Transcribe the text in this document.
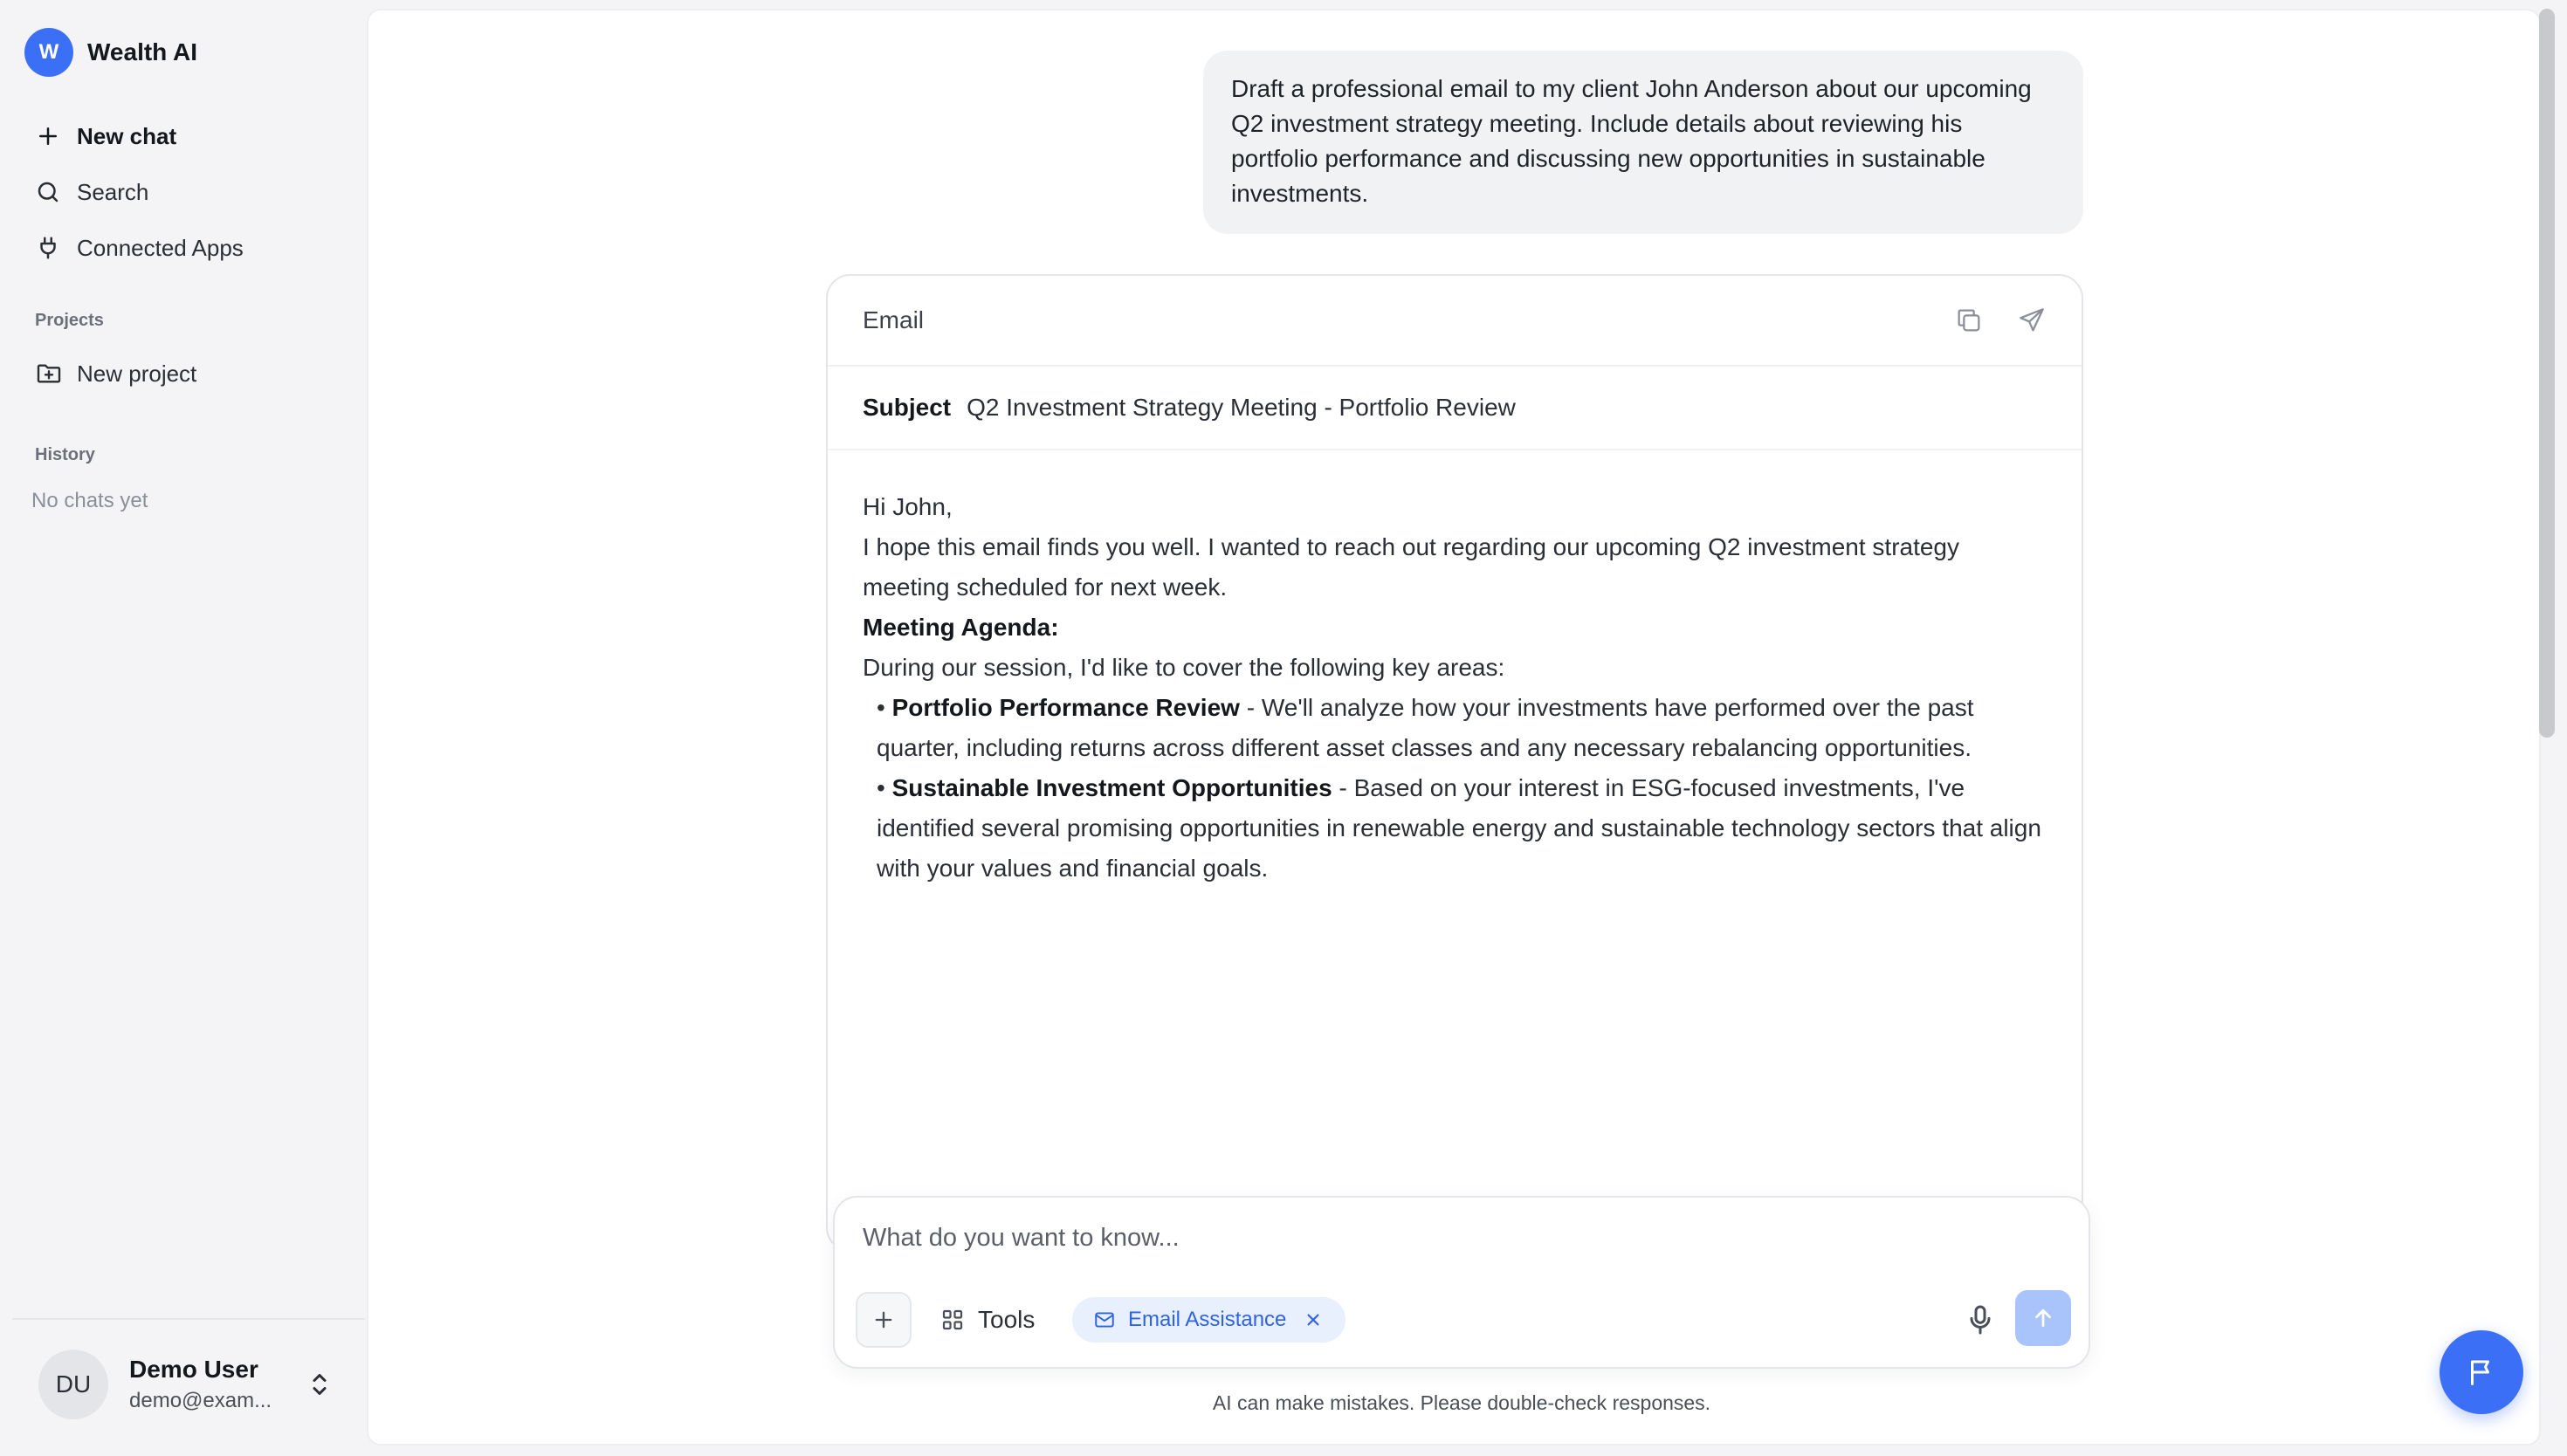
W	Wealth AI
New chat
Search
Connected Apps
Projects
New project
History
No chats yet
DU
Demo User
demo@exam...
Draft a professional email to my client John Anderson about our upcoming Q2 investment strategy meeting. Include details about reviewing his portfolio performance and discussing new opportunities in sustainable investments.
Email
Subject Q2 Investment Strategy Meeting - Portfolio Review

Hi John,

I hope this email finds you well. I wanted to reach out regarding our upcoming Q2 investment strategy meeting scheduled for next week.

Meeting Agenda:

During our session, I'd like to cover the following key areas:

• Portfolio Performance Review - We'll analyze how your investments have performed over the past quarter, including returns across different asset classes and any necessary rebalancing opportunities.

• Sustainable Investment Opportunities - Based on your interest in ESG-focused investments, I've identified several promising opportunities in renewable energy and sustainable technology sectors that align with your values and financial goals.

What do you want to know...
Tools	Email Assistance
AI can make mistakes. Please double-check responses.
